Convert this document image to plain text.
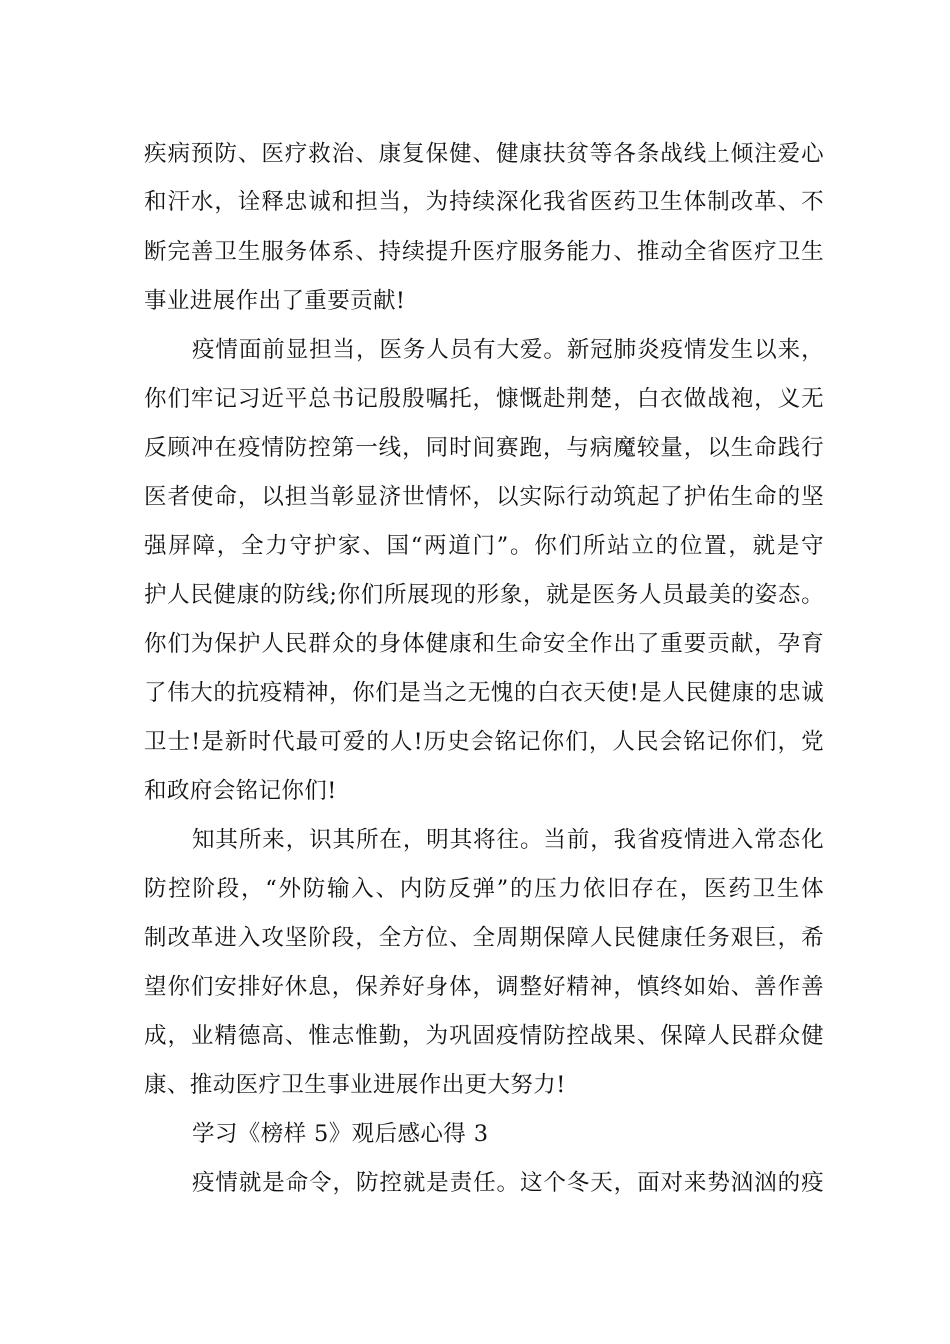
疾病预防、医疗救治、康复保健、健康扶贫等各条战线上倾注爱心

和汗水，诠释忠诚和担当，为持续深化我省医药卫生体制改革、不

断完善卫生服务体系、持续提升医疗服务能力、推动全省医疗卫生

事业进展作出了重要贡献!

疫情面前显担当，医务人员有大爱。新冠肺炎疫情发生以来，

你们牢记习近平总书记殷殷嘱托，慷慨赴荆楚，白衣做战袍，义无

反顾冲在疫情防控第一线，同时间赛跑，与病魔较量，以生命践行

医者使命，以担当彰显济世情怀，以实际行动筑起了护佑生命的坚

强屏障，全力守护家、国“两道门”。你们所站立的位置，就是守

护人民健康的防线;你们所展现的形象，就是医务人员最美的姿态。

你们为保护人民群众的身体健康和生命安全作出了重要贡献，孕育

了伟大的抗疫精神，你们是当之无愧的白衣天使!是人民健康的忠诚

卫士!是新时代最可爱的人!历史会铭记你们，人民会铭记你们，党

和政府会铭记你们!

知其所来，识其所在，明其将往。当前，我省疫情进入常态化

防控阶段，“外防输入、内防反弹”的压力依旧存在，医药卫生体

制改革进入攻坚阶段，全方位、全周期保障人民健康任务艰巨，希

望你们安排好休息，保养好身体，调整好精神，慎终如始、善作善

成，业精德高、惟志惟勤，为巩固疫情防控战果、保障人民群众健

康、推动医疗卫生事业进展作出更大努力!

学习《榜样 5》观后感心得 3

疫情就是命令，防控就是责任。这个冬天，面对来势汹汹的疫
